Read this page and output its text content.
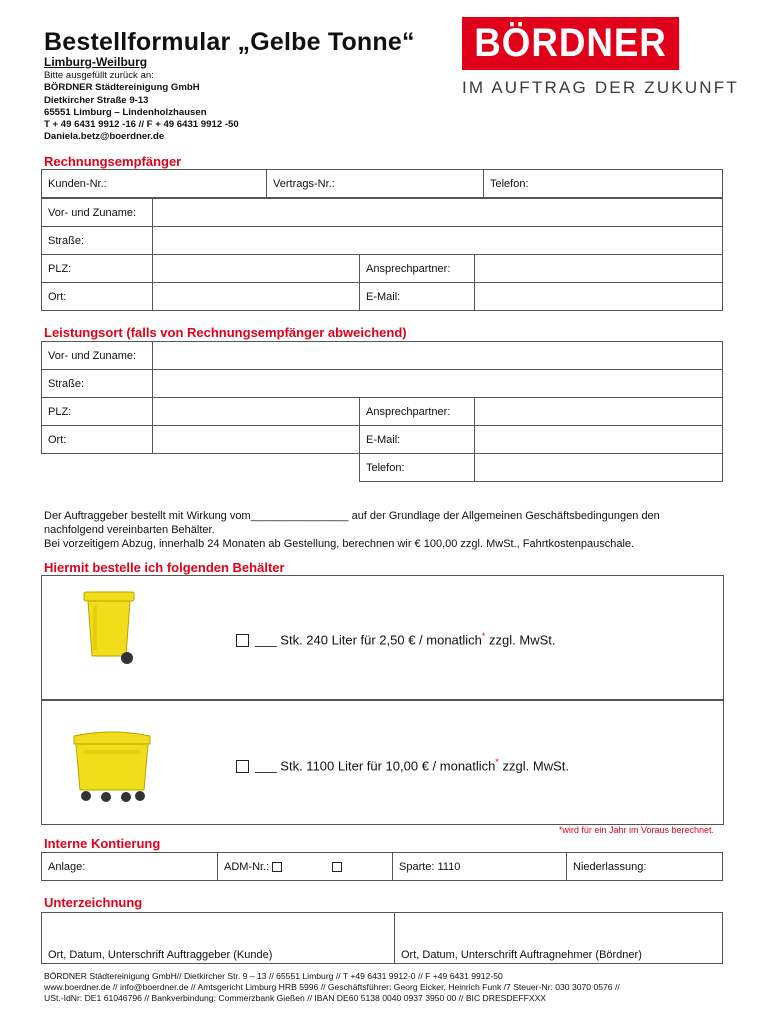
Bestellformular „Gelbe Tonne“
Limburg-Weilburg
Bitte ausgefüllt zurück an:
BÖRDNER Städtereinigung GmbH
Dietkircher Straße 9-13
65551 Limburg – Lindenholzhausen
T + 49 6431 9912 -16 // F + 49 6431 9912 -50
Daniela.betz@boerdner.de
BÖRDNER
IM AUFTRAG DER ZUKUNFT
Rechnungsempfänger
Kunden-Nr.:	Vertrags-Nr.:	Telefon:
Vor- und Zuname:			
Straße:			
PLZ:		Ansprechpartner:	
Ort:		E-Mail:	
Leistungsort (falls von Rechnungsempfänger abweichend)
Vor- und Zuname:			
Straße:			
PLZ:		Ansprechpartner:	
Ort:		E-Mail:	
		Telefon:	
Der Auftraggeber bestellt mit Wirkung vom________________ auf der Grundlage der Allgemeinen Geschäftsbedingungen den
nachfolgend vereinbarten Behälter.
Bei vorzeitigem Abzug, innerhalb 24 Monaten ab Gestellung, berechnen wir € 100,00 zzgl. MwSt., Fahrtkostenpauschale.
Hiermit bestelle ich folgenden Behälter
___ Stk. 240 Liter für 2,50 € / monatlich* zzgl. MwSt.
___ Stk. 1100 Liter für 10,00 € / monatlich* zzgl. MwSt.
*wird für ein Jahr im Voraus berechnet.
Interne Kontierung
Anlage:	ADM-Nr.:	Sparte: 1110	Niederlassung:
Unterzeichnung
Ort, Datum, Unterschrift Auftraggeber (Kunde)	Ort, Datum, Unterschrift Auftragnehmer (Bördner)
BÖRDNER Städtereinigung GmbH// Dietkircher Str. 9 – 13 // 65551 Limburg // T +49 6431 9912-0 // F +49 6431 9912-50
www.boerdner.de // info@boerdner.de // Amtsgericht Limburg HRB 5996 // Geschäftsführer: Georg Eicker, Heinrich Funk /7 Steuer-Nr: 030 3070 0576 //
USt.-IdNr: DE1 61046796 // Bankverbindung: Commerzbank Gießen // IBAN DE60 5138 0040 0937 3950 00 // BIC DRESDEFFXXX
